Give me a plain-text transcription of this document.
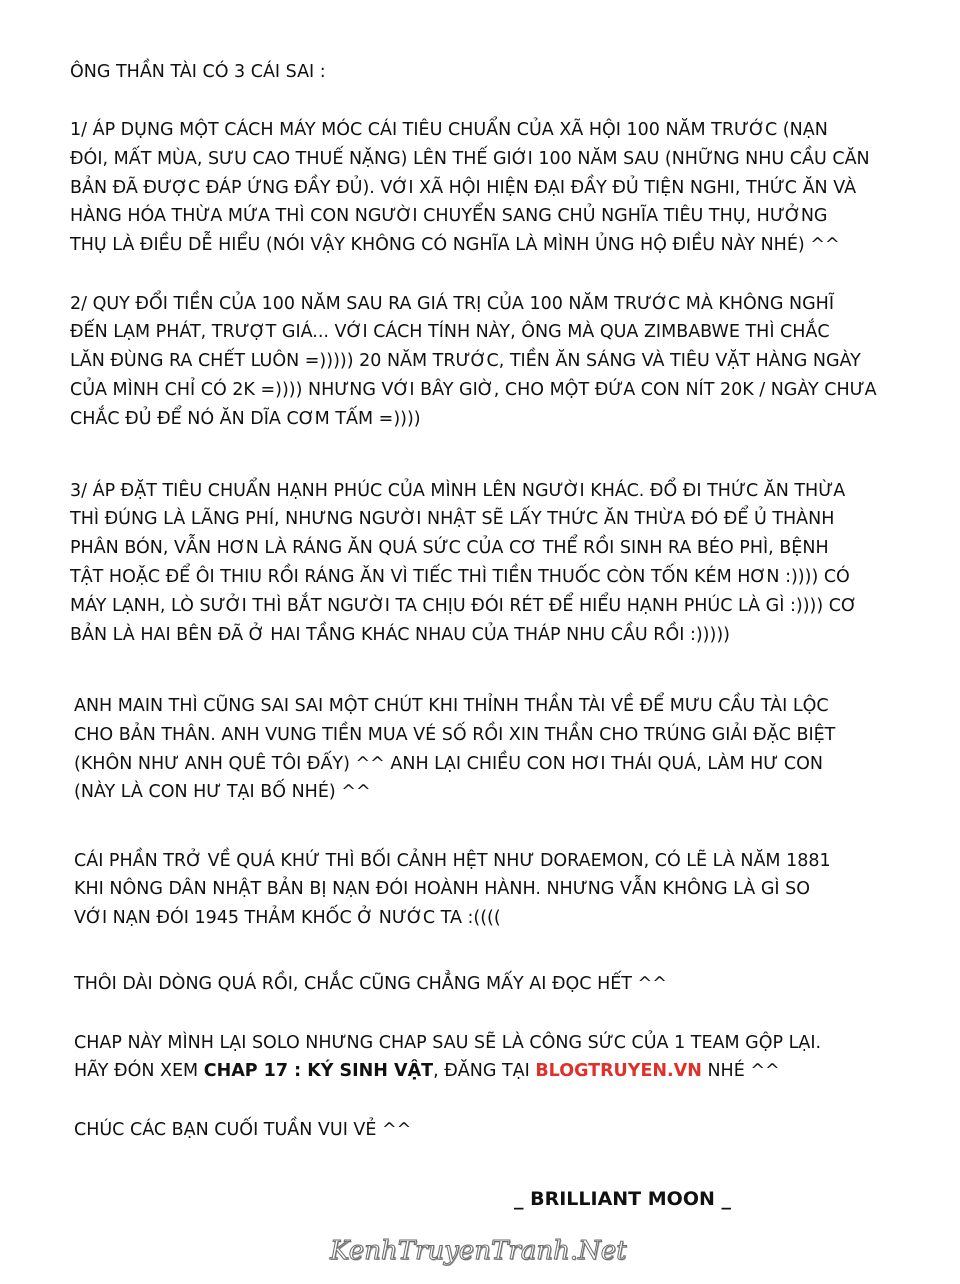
ÔNG THẦN TÀI CÓ 3 CÁI SAI :
1/ ÁP DỤNG MỘT CÁCH MÁY MÓC CÁI TIÊU CHUẨN CỦA XÃ HỘI 100 NĂM TRƯỚC (NẠN
ĐÓI, MẤT MÙA, SƯU CAO THUẾ NẶNG) LÊN THẾ GIỚI 100 NĂM SAU (NHỮNG NHU CẦU CĂN
BẢN ĐÃ ĐƯỢC ĐÁP ỨNG ĐẦY ĐỦ). VỚI XÃ HỘI HIỆN ĐẠI ĐẦY ĐỦ TIỆN NGHI, THỨC ĂN VÀ
HÀNG HÓA THỪA MỨA THÌ CON NGƯỜI CHUYỂN SANG CHỦ NGHĨA TIÊU THỤ, HƯỞNG
THỤ LÀ ĐIỀU DỄ HIỂU (NÓI VẬY KHÔNG CÓ NGHĨA LÀ MÌNH ỦNG HỘ ĐIỀU NÀY NHÉ) ^^
2/ QUY ĐỔI TIỀN CỦA 100 NĂM SAU RA GIÁ TRỊ CỦA 100 NĂM TRƯỚC MÀ KHÔNG NGHĨ
ĐẾN LẠM PHÁT, TRƯỢT GIÁ... VỚI CÁCH TÍNH NÀY, ÔNG MÀ QUA ZIMBABWE THÌ CHẮC
LĂN ĐÙNG RA CHẾT LUÔN =))))) 20 NĂM TRƯỚC, TIỀN ĂN SÁNG VÀ TIÊU VẶT HÀNG NGÀY
CỦA MÌNH CHỈ CÓ 2K =)))) NHƯNG VỚI BÂY GIỜ, CHO MỘT ĐỨA CON NÍT 20K / NGÀY CHƯA
CHẮC ĐỦ ĐỂ NÓ ĂN DĨA CƠM TẤM =))))
3/ ÁP ĐẶT TIÊU CHUẨN HẠNH PHÚC CỦA MÌNH LÊN NGƯỜI KHÁC. ĐỔ ĐI THỨC ĂN THỪA
THÌ ĐÚNG LÀ LÃNG PHÍ, NHƯNG NGƯỜI NHẬT SẼ LẤY THỨC ĂN THỪA ĐÓ ĐỂ Ủ THÀNH
PHÂN BÓN, VẪN HƠN LÀ RÁNG ĂN QUÁ SỨC CỦA CƠ THỂ RỒI SINH RA BÉO PHÌ, BỆNH
TẬT HOẶC ĐỂ ÔI THIU RỒI RÁNG ĂN VÌ TIẾC THÌ TIỀN THUỐC CÒN TỐN KÉM HƠN :)))) CÓ
MÁY LẠNH, LÒ SƯỞI THÌ BẮT NGƯỜI TA CHỊU ĐÓI RÉT ĐỂ HIỂU HẠNH PHÚC LÀ GÌ :)))) CƠ
BẢN LÀ HAI BÊN ĐÃ Ở HAI TẦNG KHÁC NHAU CỦA THÁP NHU CẦU RỒI :)))))
ANH MAIN THÌ CŨNG SAI SAI MỘT CHÚT KHI THỈNH THẦN TÀI VỀ ĐỂ MƯU CẦU TÀI LỘC
CHO BẢN THÂN. ANH VUNG TIỀN MUA VÉ SỐ RỒI XIN THẦN CHO TRÚNG GIẢI ĐẶC BIỆT
(KHÔN NHƯ ANH QUÊ TÔI ĐẤY) ^^ ANH LẠI CHIỀU CON HƠI THÁI QUÁ, LÀM HƯ CON
(NÀY LÀ CON HƯ TẠI BỐ NHÉ) ^^
CÁI PHẦN TRỞ VỀ QUÁ KHỨ THÌ BỐI CẢNH HỆT NHƯ DORAEMON, CÓ LẼ LÀ NĂM 1881
KHI NÔNG DÂN NHẬT BẢN BỊ NẠN ĐÓI HOÀNH HÀNH. NHƯNG VẪN KHÔNG LÀ GÌ SO
VỚI NẠN ĐÓI 1945 THẢM KHỐC Ở NƯỚC TA :((((
THÔI DÀI DÒNG QUÁ RỒI, CHẮC CŨNG CHẲNG MẤY AI ĐỌC HẾT ^^
CHAP NÀY MÌNH LẠI SOLO NHƯNG CHAP SAU SẼ LÀ CÔNG SỨC CỦA 1 TEAM GỘP LẠI.
HÃY ĐÓN XEM CHAP 17 : KÝ SINH VẬT, ĐĂNG TẠI BLOGTRUYEN.VN NHÉ ^^
CHÚC CÁC BẠN CUỐI TUẦN VUI VẺ ^^
_ BRILLIANT MOON _
KenhTruyenTranh.Net
